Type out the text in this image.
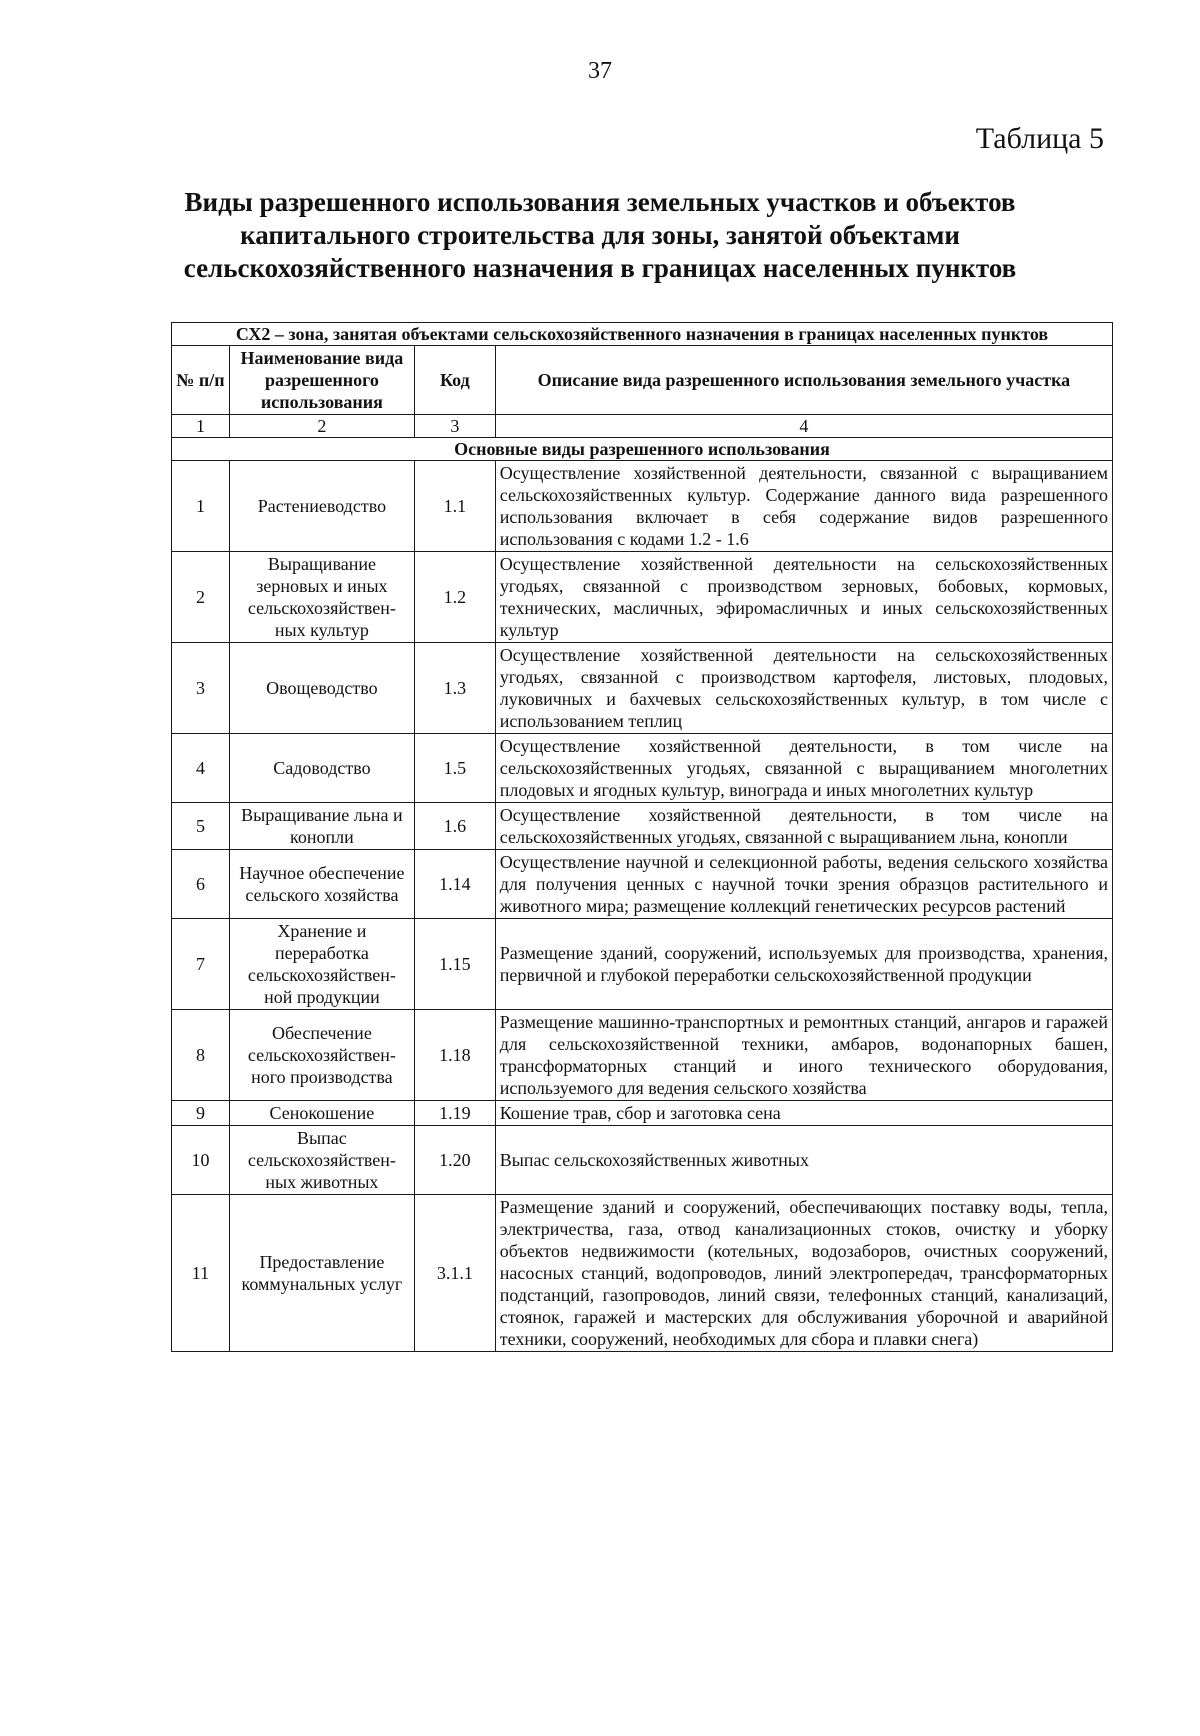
37
Таблица 5
Виды разрешенного использования земельных участков и объектов капитального строительства для зоны, занятой объектами сельскохозяйственного назначения в границах населенных пунктов
СХ2 – зона, занятая объектами сельскохозяйственного назначения в границах населенных пунктов			
№ п/п	Наименование вида разрешенного использования	Код	Описание вида разрешенного использования земельного участка
1	2	3	4
Основные виды разрешенного использования			
1	Растениеводство	1.1	Осуществление хозяйственной деятельности, связанной с выращиванием сельскохозяйственных культур. Содержание данного вида разрешенного использования включает в себя содержание видов разрешенного использования с кодами 1.2 - 1.6
2	Выращивание зерновых и иных сельскохозяйствен-ных культур	1.2	Осуществление хозяйственной деятельности на сельскохозяйственных угодьях, связанной с производством зерновых, бобовых, кормовых, технических, масличных, эфиромасличных и иных сельскохозяйственных культур
3	Овощеводство	1.3	Осуществление хозяйственной деятельности на сельскохозяйственных угодьях, связанной с производством картофеля, листовых, плодовых, луковичных и бахчевых сельскохозяйственных культур, в том числе с использованием теплиц
4	Садоводство	1.5	Осуществление хозяйственной деятельности, в том числе на сельскохозяйственных угодьях, связанной с выращиванием многолетних плодовых и ягодных культур, винограда и иных многолетних культур
5	Выращивание льна и конопли	1.6	Осуществление хозяйственной деятельности, в том числе на сельскохозяйственных угодьях, связанной с выращиванием льна, конопли
6	Научное обеспечение сельского хозяйства	1.14	Осуществление научной и селекционной работы, ведения сельского хозяйства для получения ценных с научной точки зрения образцов растительного и животного мира; размещение коллекций генетических ресурсов растений
7	Хранение и переработка сельскохозяйствен-ной продукции	1.15	Размещение зданий, сооружений, используемых для производства, хранения, первичной и глубокой переработки сельскохозяйственной продукции
8	Обеспечение сельскохозяйствен-ного производства	1.18	Размещение машинно-транспортных и ремонтных станций, ангаров и гаражей для сельскохозяйственной техники, амбаров, водонапорных башен, трансформаторных станций и иного технического оборудования, используемого для ведения сельского хозяйства
9	Сенокошение	1.19	Кошение трав, сбор и заготовка сена
10	Выпас сельскохозяйствен-ных животных	1.20	Выпас сельскохозяйственных животных
11	Предоставление коммунальных услуг	3.1.1	Размещение зданий и сооружений, обеспечивающих поставку воды, тепла, электричества, газа, отвод канализационных стоков, очистку и уборку объектов недвижимости (котельных, водозаборов, очистных сооружений, насосных станций, водопроводов, линий электропередач, трансформаторных подстанций, газопроводов, линий связи, телефонных станций, канализаций, стоянок, гаражей и мастерских для обслуживания уборочной и аварийной техники, сооружений, необходимых для сбора и плавки снега)
